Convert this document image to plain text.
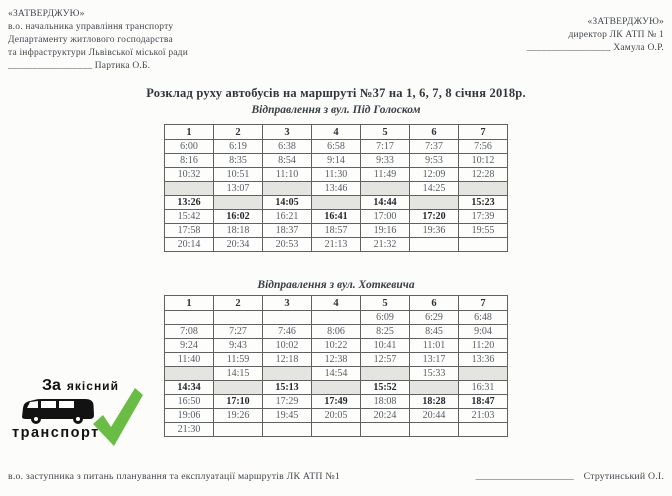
«ЗАТВЕРДЖУЮ»
в.о. начальника управління транспорту
Департаменту житлового господарства
та інфраструктури Львівської міської ради
_________________ Партика О.Б.
«ЗАТВЕРДЖУЮ»
директор ЛК АТП № 1
_________________ Хамула О.Р.
Розклад руху автобусів на маршруті №37 на 1, 6, 7, 8 січня 2018р.
Відправлення з вул. Під Голоском
1	2	3	4	5	6	7
6:00	6:19	6:38	6:58	7:17	7:37	7:56
8:16	8:35	8:54	9:14	9:33	9:53	10:12
10:32	10:51	11:10	11:30	11:49	12:09	12:28
	13:07		13:46		14:25	
13:26		14:05		14:44		15:23
15:42	16:02	16:21	16:41	17:00	17:20	17:39
17:58	18:18	18:37	18:57	19:16	19:36	19:55
20:14	20:34	20:53	21:13	21:32		
Відправлення з вул. Хоткевича
1	2	3	4	5	6	7
				6:09	6:29	6:48
7:08	7:27	7:46	8:06	8:25	8:45	9:04
9:24	9:43	10:02	10:22	10:41	11:01	11:20
11:40	11:59	12:18	12:38	12:57	13:17	13:36
	14:15		14:54		15:33	
14:34		15:13		15:52		16:31
16:50	17:10	17:29	17:49	18:08	18:28	18:47
19:06	19:26	19:45	20:05	20:24	20:44	21:03
21:30						
За якісний
транспорт
в.о. заступника з питань планування та експлуатації маршрутів ЛК АТП №1	____________________ Струтинський О.І.
